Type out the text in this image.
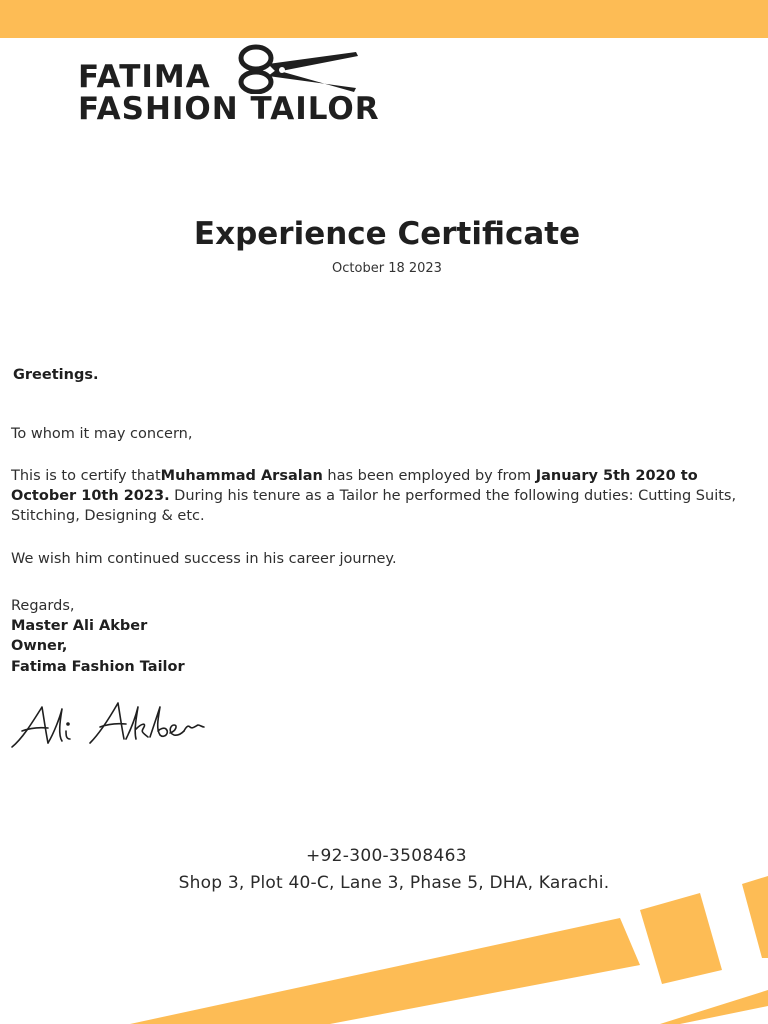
FATIMA
FASHION TAILOR
Experience Certificate
October 18 2023
Greetings.
To whom it may concern,
This is to certify thatMuhammad Arsalan has been employed by from January 5th 2020 to
October 10th 2023. During his tenure as a Tailor he performed the following duties: Cutting Suits, Stitching, Designing & etc.
We wish him continued success in his career journey.
Regards,
Master Ali Akber
Owner,
Fatima Fashion Tailor
+92-300-3508463
Shop 3, Plot 40-C, Lane 3, Phase 5, DHA, Karachi.
